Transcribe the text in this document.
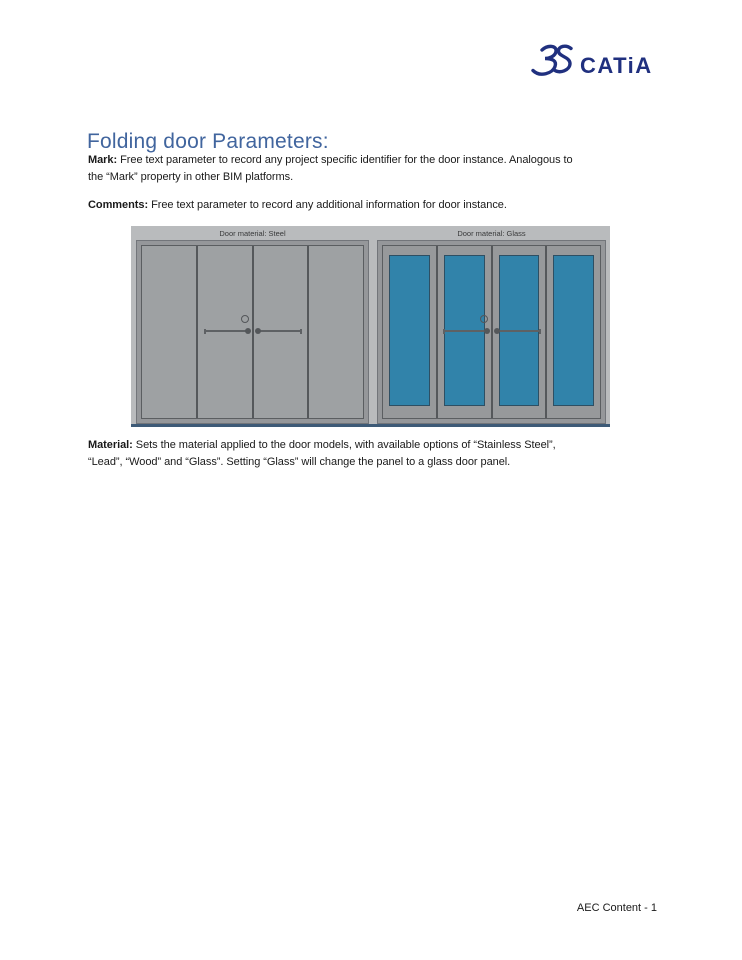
CATiA
Folding door Parameters:

Mark: Free text parameter to record any project specific identifier for the door instance. Analogous to
the “Mark” property in other BIM platforms.

Comments: Free text parameter to record any additional information for door instance.

Door material: Steel	Door material: Glass

Material: Sets the material applied to the door models, with available options of “Stainless Steel”,
“Lead”, “Wood” and “Glass”. Setting “Glass” will change the panel to a glass door panel.

AEC Content - 1
